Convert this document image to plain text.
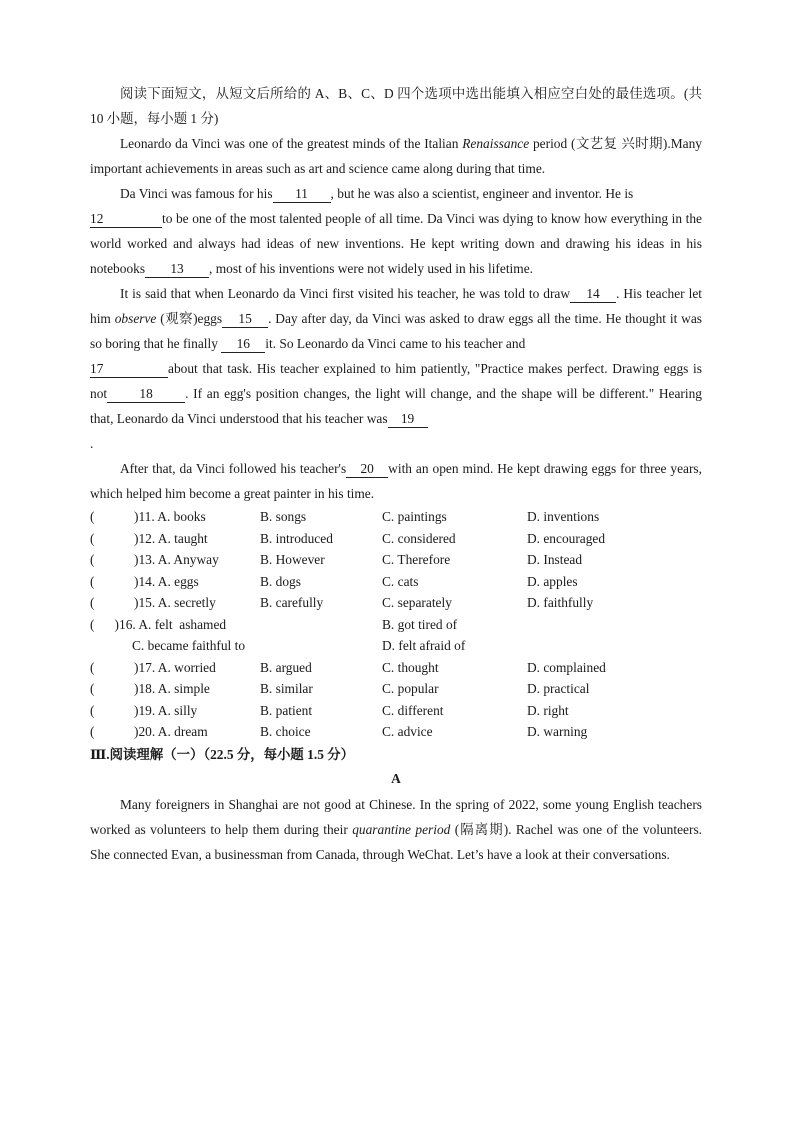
阅读下面短文，从短文后所给的 A、B、C、D 四个选项中选出能填入相应空白处的最佳选项。(共 10 小题，每小题 1 分)

Leonardo da Vinci was one of the greatest minds of the Italian Renaissance period (文艺复 兴时期).Many important achievements in areas such as art and science came along during that time.

Da Vinci was famous for his 11 , but he was also a scientist, engineer and inventor. He is
12	to be one of the most talented people of all time. Da Vinci was dying to know how everything in the world worked and always had ideas of new inventions. He kept writing down and drawing his ideas in his notebooks 13 , most of his inventions were not widely used in his lifetime.

It is said that when Leonardo da Vinci first visited his teacher, he was told to draw 14 . His teacher let him observe (观察)eggs 15 . Day after day, da Vinci was asked to draw eggs all the time. He thought it was so boring that he finally 16 it. So Leonardo da Vinci came to his teacher and
17	about that task. His teacher explained to him patiently, "Practice makes perfect. Drawing eggs is not 18 . If an egg's position changes, the light will change, and the shape will be different." Hearing that, Leonardo da Vinci understood that his teacher was 19
.

After that, da Vinci followed his teacher's 20 with an open mind. He kept drawing eggs for three years, which helped him become a great painter in his time.

(	)11. A. books	B. songs	C. paintings	D. inventions
(	)12. A. taught	B. introduced	C. considered	D. encouraged
(	)13. A. Anyway	B. However	C. Therefore	D. Instead
(	)14. A. eggs	B. dogs	C. cats	D. apples
(	)15. A. secretly	B. carefully	C. separately	D. faithfully
(      )16. A. felt  ashamed	B. got tired of
C. became faithful to	D. felt afraid of
(	)17. A. worried	B. argued	C. thought	D. complained
(	)18. A. simple	B. similar	C. popular	D. practical
(	)19. A. silly	B. patient	C. different	D. right
(	)20. A. dream	B. choice	C. advice	D. warning

Ⅲ.阅读理解（一）（22.5 分，每小题 1.5 分）

A

Many foreigners in Shanghai are not good at Chinese. In the spring of 2022, some young English teachers worked as volunteers to help them during their quarantine period (隔离期). Rachel was one of the volunteers. She connected Evan, a businessman from Canada, through WeChat. Let’s have a look at their conversations.
